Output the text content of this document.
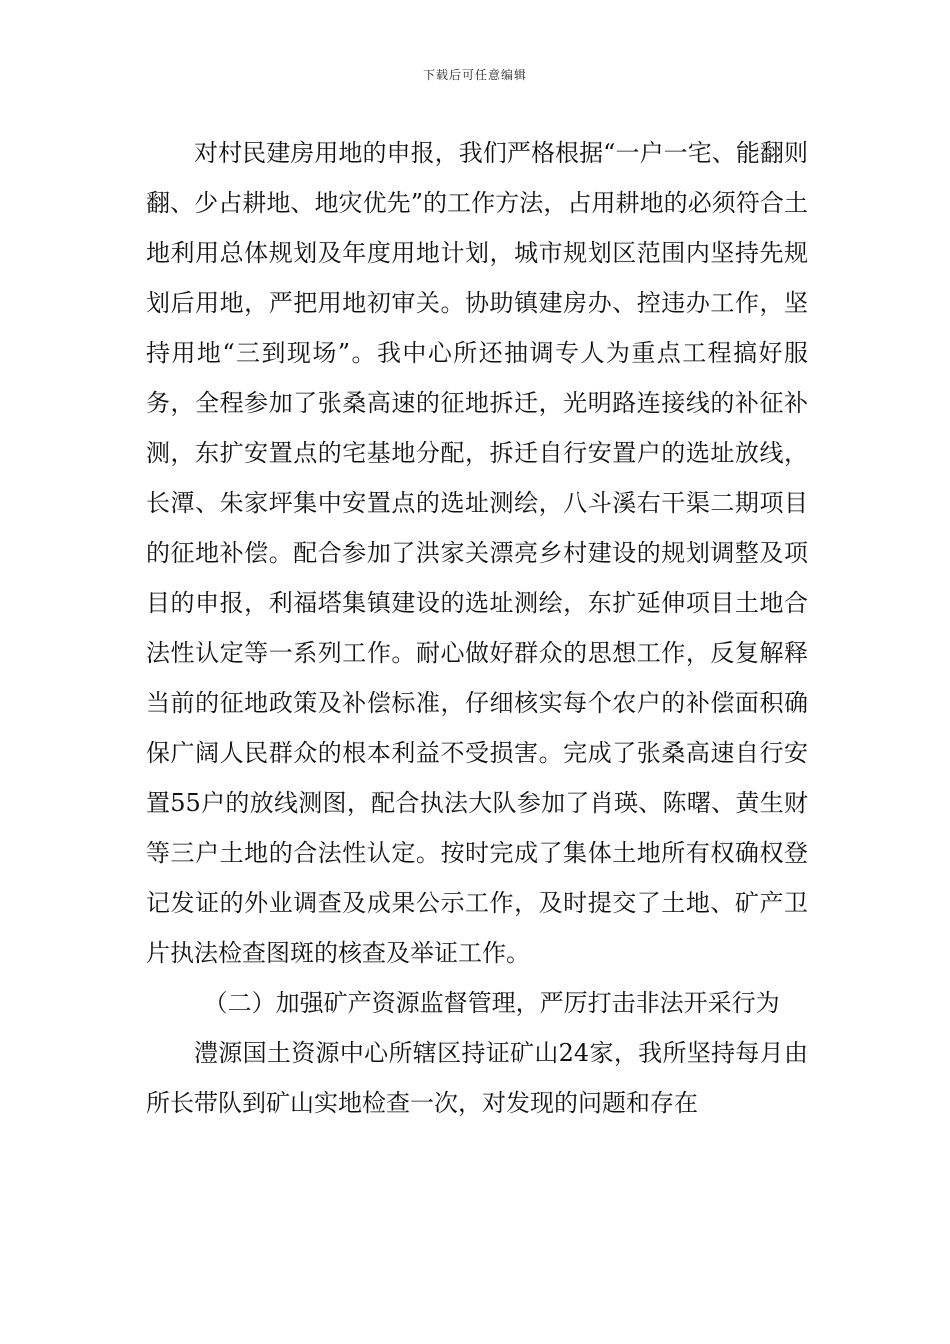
下载后可任意编辑

对村民建房用地的申报，我们严格根据“一户一宅、能翻则翻、少占耕地、地灾优先”的工作方法，占用耕地的必须符合土地利用总体规划及年度用地计划，城市规划区范围内坚持先规划后用地，严把用地初审关。协助镇建房办、控违办工作，坚持用地“三到现场”。我中心所还抽调专人为重点工程搞好服务，全程参加了张桑高速的征地拆迁，光明路连接线的补征补测，东扩安置点的宅基地分配，拆迁自行安置户的选址放线，长潭、朱家坪集中安置点的选址测绘，八斗溪右干渠二期项目的征地补偿。配合参加了洪家关漂亮乡村建设的规划调整及项目的申报，利福塔集镇建设的选址测绘，东扩延伸项目土地合法性认定等一系列工作。耐心做好群众的思想工作，反复解释当前的征地政策及补偿标准，仔细核实每个农户的补偿面积确保广阔人民群众的根本利益不受损害。完成了张桑高速自行安置55户的放线测图，配合执法大队参加了肖瑛、陈曙、黄生财等三户土地的合法性认定。按时完成了集体土地所有权确权登记发证的外业调查及成果公示工作，及时提交了土地、矿产卫片执法检查图斑的核查及举证工作。

（二）加强矿产资源监督管理，严厉打击非法开采行为

澧源国土资源中心所辖区持证矿山24家，我所坚持每月由所长带队到矿山实地检查一次，对发现的问题和存在
